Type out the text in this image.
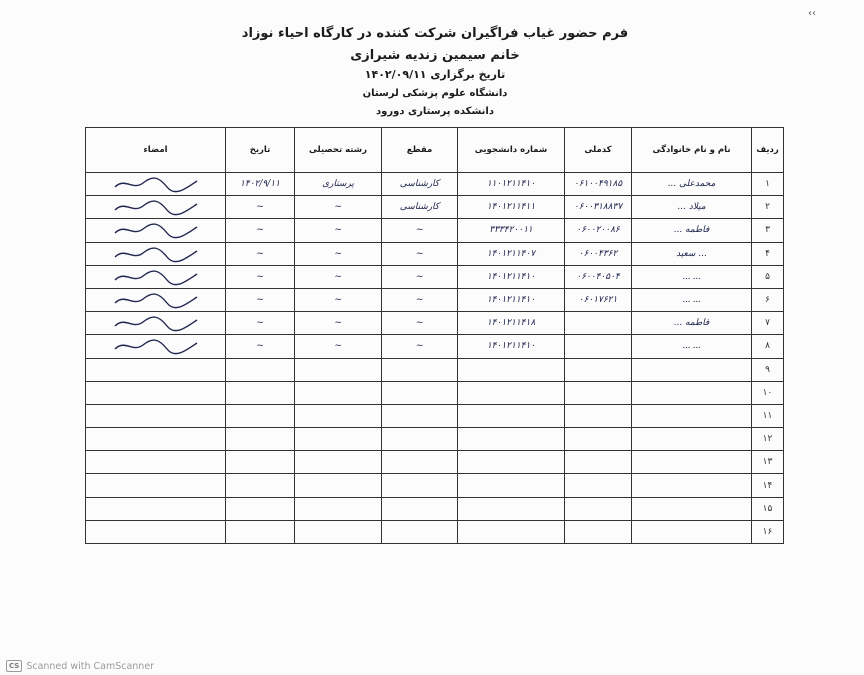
‹‹
فرم حضور غیاب فراگیران شرکت کننده در کارگاه احیاء نوزاد
خانم سیمین زندیه شیرازی
تاریخ برگزاری ۱۴۰۲/۰۹/۱۱
دانشگاه علوم پزشکی لرستان
دانشکده پرستاری دورود
ردیف	نام و نام خانوادگی	کدملی	شماره دانشجویی	مقطع	رشته تحصیلی	تاریخ	امضاء
۱	محمدعلی ...	۰۶۱۰۰۴۹۱۸۵	۱۱۰۱۲۱۱۴۱۰	کارشناسی	پرستاری	۱۴۰۲/۹/۱۱	

۲	میلاد ...	۰۶۰۰۳۱۸۸۳۷	۱۴۰۱۲۱۱۴۱۱	کارشناسی	~	~	

۳	فاطمه ...	۰۶۰۰۲۰۰۸۶	۳۳۳۴۲۰۰۱۱	~	~	~	

۴	... سعید	۰۶۰۰۴۳۶۲	۱۴۰۱۲۱۱۴۰۷	~	~	~	

۵	... ...	۰۶۰۰۴۰۵۰۴	۱۴۰۱۲۱۱۴۱۰	~	~	~	

۶	... ...	۰۶۰۱۷۶۲۱	۱۴۰۱۲۱۱۴۱۰	~	~	~	

۷	فاطمه ...		۱۴۰۱۲۱۱۴۱۸	~	~	~	

۸	... ...		۱۴۰۱۲۱۱۴۱۰	~	~	~	

۹							
۱۰							
۱۱							
۱۲							
۱۳							
۱۴							
۱۵							
۱۶							
CS Scanned with CamScanner
